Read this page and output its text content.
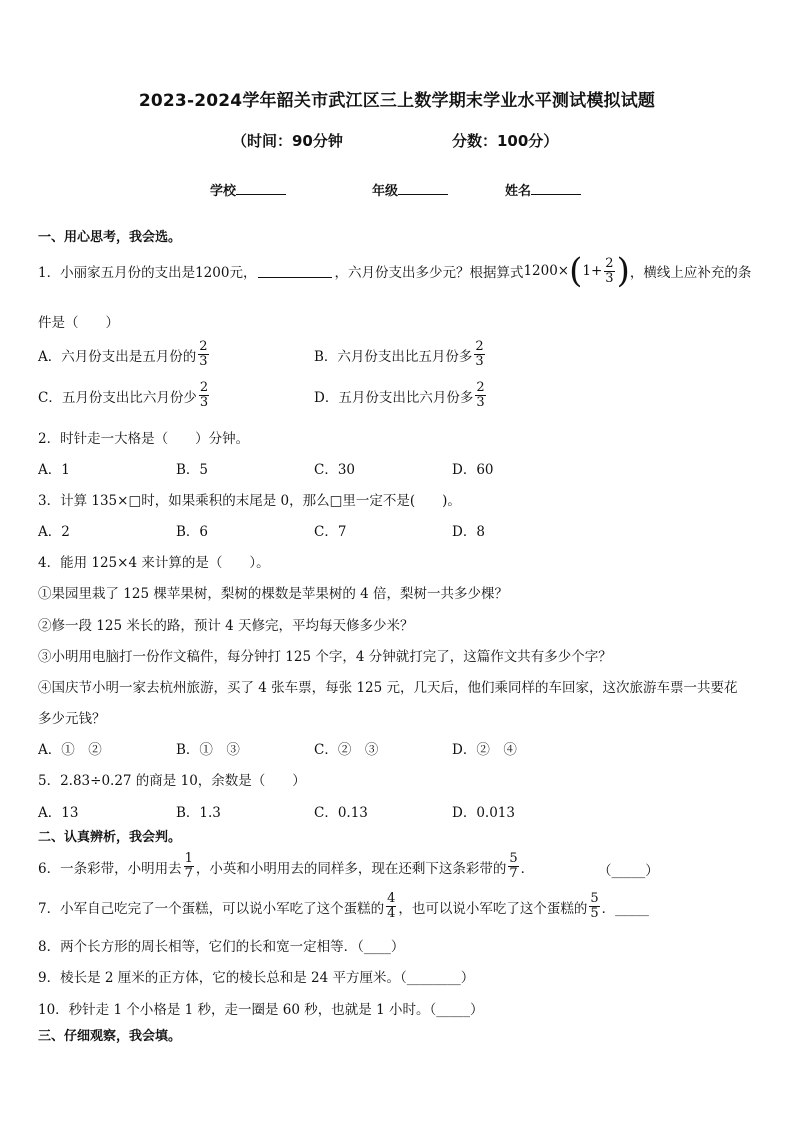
2023-2024学年韶关市武江区三上数学期末学业水平测试模拟试题
（时间：90分钟	分数：100分）
学校	年级	姓名
一、用心思考，我会选。
1．小丽家五月份的支出是1200元，	，六月份支出多少元？根据算式 1200× ( $1+ \frac{2}{3}$ ) ，横线上应补充的条
件是（　　）
A．六月份支出是五月份的 $\frac{2}{3}$	B．六月份支出比五月份多 $\frac{2}{3}$
C．五月份支出比六月份少 $\frac{2}{3}$	D．五月份支出比六月份多 $\frac{2}{3}$
2．时针走一大格是（　　）分钟。
A．1	B．5	C．30	D．60
3．计算 135×□时，如果乘积的末尾是 0，那么□里一定不是(　　)。
A．2	B．6	C．7	D．8
4．能用 125×4 来计算的是（　　）。
①果园里栽了 125 棵苹果树，梨树的棵数是苹果树的 4 倍，梨树一共多少棵？
②修一段 125 米长的路，预计 4 天修完，平均每天修多少米？
③小明用电脑打一份作文稿件，每分钟打 125 个字，4 分钟就打完了，这篇作文共有多少个字？
④国庆节小明一家去杭州旅游，买了 4 张车票，每张 125 元，几天后，他们乘同样的车回家，这次旅游车票一共要花
多少元钱？
A．①　②	B．①　③	C．②　③	D．②　④
5．2.83÷0.27 的商是 10，余数是（　　）
A．13	B．1.3	C．0.13	D．0.013
二、认真辨析，我会判。
6．一条彩带，小明用去 $\frac{1}{7}$ ，小英和小明用去的同样多，现在还剩下这条彩带的 $\frac{5}{7}$ ．	（_____）
7．小军自己吃完了一个蛋糕，可以说小军吃了这个蛋糕的 $\frac{4}{4}$ ，也可以说小军吃了这个蛋糕的 $\frac{5}{5}$ ．_____
8．两个长方形的周长相等，它们的长和宽一定相等．（____）
9．棱长是 2 厘米的正方体，它的棱长总和是 24 平方厘米。（________）
10．秒针走 1 个小格是 1 秒，走一圈是 60 秒，也就是 1 小时。（_____）
三、仔细观察，我会填。
